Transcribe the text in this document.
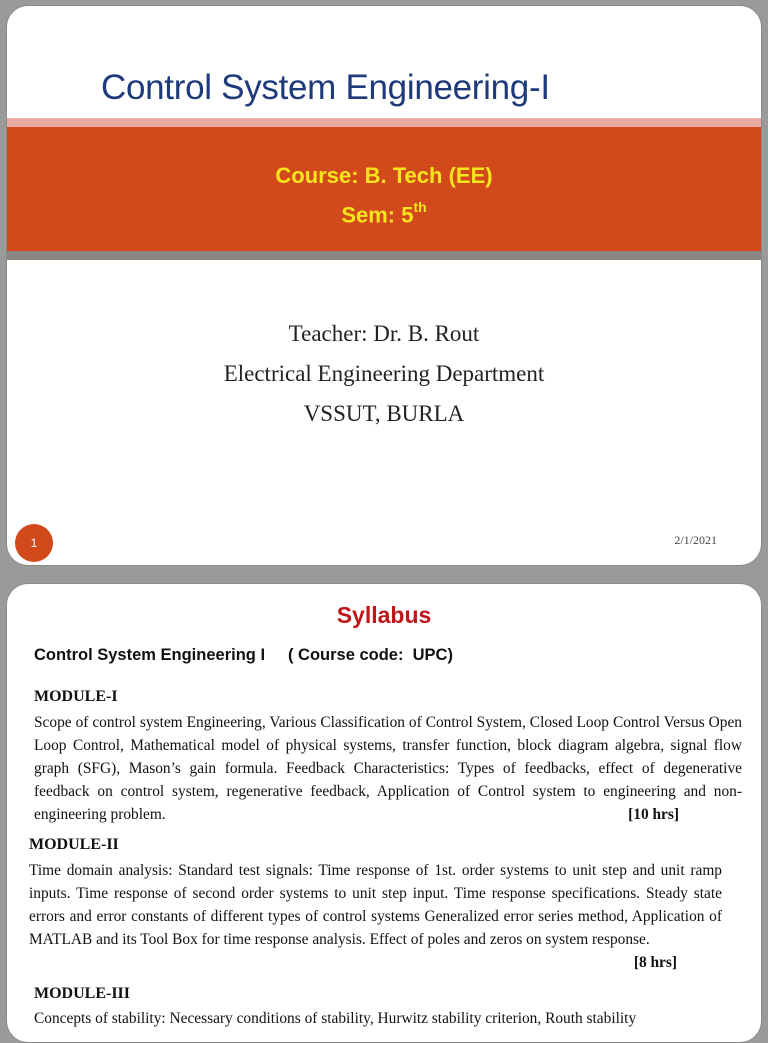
Control System Engineering-I
Course: B. Tech (EE)
Sem: 5th
Teacher: Dr. B. Rout
Electrical Engineering Department
VSSUT, BURLA
1	2/1/2021
Syllabus
Control System Engineering I     ( Course code:  UPC)
MODULE-I
Scope of control system Engineering, Various Classification of Control System, Closed Loop Control Versus Open Loop Control, Mathematical model of physical systems, transfer function, block diagram algebra, signal flow graph (SFG), Mason’s gain formula. Feedback Characteristics: Types of feedbacks, effect of degenerative feedback on control system, regenerative feedback, Application of Control system to engineering and non-engineering problem.	[10 hrs]
MODULE-II
Time domain analysis: Standard test signals: Time response of 1st. order systems to unit step and unit ramp inputs. Time response of second order systems to unit step input. Time response specifications. Steady state errors and error constants of different types of control systems Generalized error series method, Application of MATLAB and its Tool Box for time response analysis. Effect of poles and zeros on system response.
[8 hrs]
MODULE-III
Concepts of stability: Necessary conditions of stability, Hurwitz stability criterion, Routh stability
